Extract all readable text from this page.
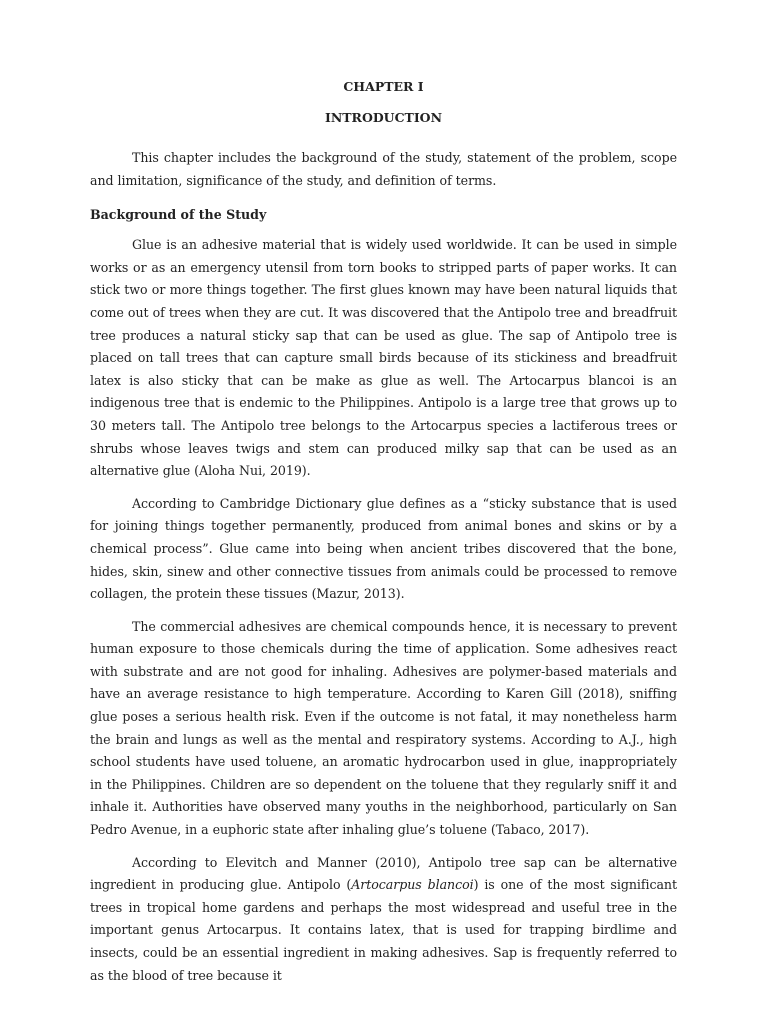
CHAPTER I

INTRODUCTION

This chapter includes the background of the study, statement of the problem, scope and limitation, significance of the study, and definition of terms.

Background of the Study

Glue is an adhesive material that is widely used worldwide. It can be used in simple works or as an emergency utensil from torn books to stripped parts of paper works. It can stick two or more things together. The first glues known may have been natural liquids that come out of trees when they are cut. It was discovered that the Antipolo tree and breadfruit tree produces a natural sticky sap that can be used as glue. The sap of Antipolo tree is placed on tall trees that can capture small birds because of its stickiness and breadfruit latex is also sticky that can be make as glue as well. The Artocarpus blancoi is an indigenous tree that is endemic to the Philippines. Antipolo is a large tree that grows up to 30 meters tall. The Antipolo tree belongs to the Artocarpus species a lactiferous trees or shrubs whose leaves twigs and stem can produced milky sap that can be used as an alternative glue (Aloha Nui, 2019).

According to Cambridge Dictionary glue defines as a “sticky substance that is used for joining things together permanently, produced from animal bones and skins or by a chemical process”. Glue came into being when ancient tribes discovered that the bone, hides, skin, sinew and other connective tissues from animals could be processed to remove collagen, the protein these tissues (Mazur, 2013).

The commercial adhesives are chemical compounds hence, it is necessary to prevent human exposure to those chemicals during the time of application. Some adhesives react with substrate and are not good for inhaling. Adhesives are polymer-based materials and have an average resistance to high temperature. According to Karen Gill (2018), sniffing glue poses a serious health risk. Even if the outcome is not fatal, it may nonetheless harm the brain and lungs as well as the mental and respiratory systems. According to A.J., high school students have used toluene, an aromatic hydrocarbon used in glue, inappropriately in the Philippines. Children are so dependent on the toluene that they regularly sniff it and inhale it. Authorities have observed many youths in the neighborhood, particularly on San Pedro Avenue, in a euphoric state after inhaling glue’s toluene (Tabaco, 2017).

According to Elevitch and Manner (2010), Antipolo tree sap can be alternative ingredient in producing glue. Antipolo (Artocarpus blancoi) is one of the most significant trees in tropical home gardens and perhaps the most widespread and useful tree in the important genus Artocarpus. It contains latex, that is used for trapping birdlime and insects, could be an essential ingredient in making adhesives. Sap is frequently referred to as the blood of tree because it
